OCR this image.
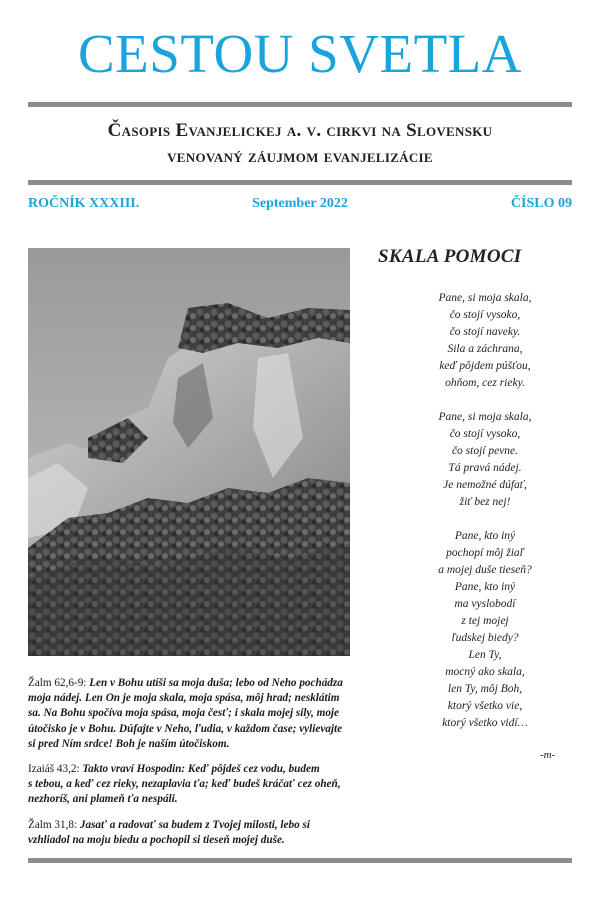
CESTOU SVETLA
Časopis Evanjelickej a. v. cirkvi na Slovensku
venovaný záujmom evanjelizácie
ROČNÍK XXXIII.	September 2022	ČÍSLO 09
SKALA POMOCI
Pane, si moja skala,
čo stojí vysoko,
čo stojí naveky.
Sila a záchrana,
keď pôjdem púšťou,
ohňom, cez rieky.
Pane, si moja skala,
čo stojí vysoko,
čo stojí pevne.
Tá pravá nádej.
Je nemožné dúfať,
žiť bez nej!
Pane, kto iný
pochopí môj žiaľ
a mojej duše tieseň?
Pane, kto iný
ma vyslobodí
z tej mojej
ľudskej biedy?
Len Ty,
mocný ako skala,
len Ty, môj Boh,
ktorý všetko vie,
ktorý všetko vidí…
-m-
Žalm 62,6-9: Len v Bohu utíši sa moja duša; lebo od Neho pochádza
moja nádej. Len On je moja skala, moja spása, môj hrad; nesklátim
sa. Na Bohu spočíva moja spása, moja česť; i skala mojej sily, moje
útočisko je v Bohu. Dúfajte v Neho, ľudia, v každom čase; vylievajte
si pred Ním srdce! Boh je naším útočiskom.
Izaiáš 43,2: Takto vraví Hospodin: Keď pôjdeš cez vodu, budem
s tebou, a keď cez rieky, nezaplavia ťa; keď budeš kráčať cez oheň,
nezhoríš, ani plameň ťa nespáli.
Žalm 31,8: Jasať a radovať sa budem z Tvojej milosti, lebo si
vzhliadol na moju biedu a pochopil si tieseň mojej duše.
